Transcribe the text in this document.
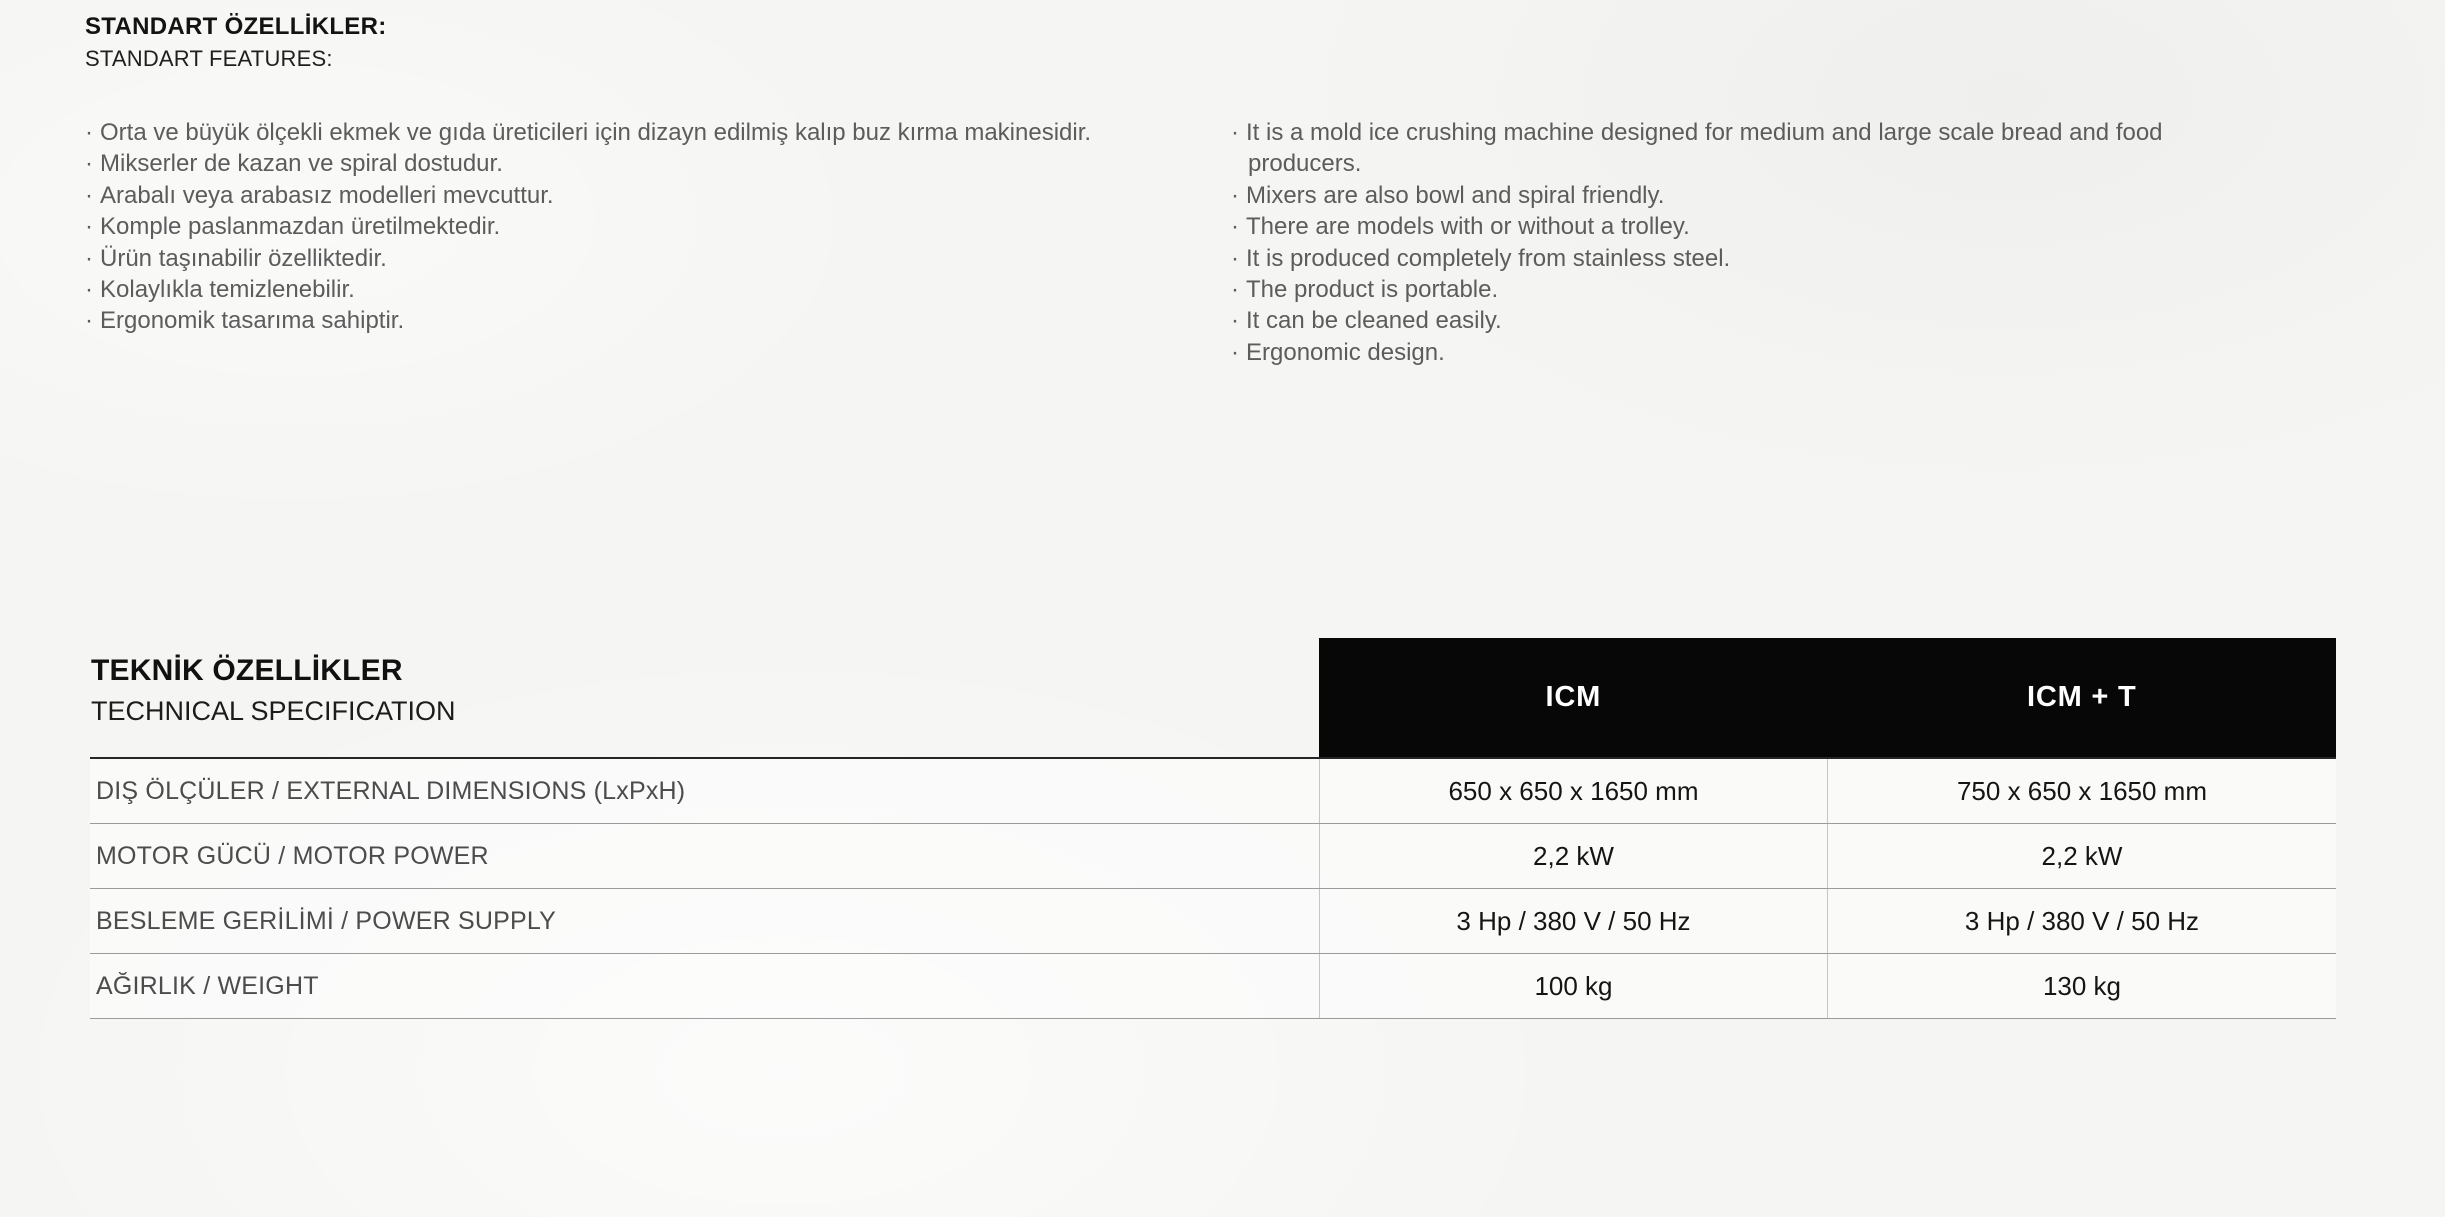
STANDART ÖZELLİKLER:
STANDART FEATURES:
· Orta ve büyük ölçekli ekmek ve gıda üreticileri için dizayn edilmiş kalıp buz kırma makinesidir.
· Mikserler de kazan ve spiral dostudur.
· Arabalı veya arabasız modelleri mevcuttur.
· Komple paslanmazdan üretilmektedir.
· Ürün taşınabilir özelliktedir.
· Kolaylıkla temizlenebilir.
· Ergonomik tasarıma sahiptir.
· It is a mold ice crushing machine designed for medium and large scale bread and food producers.
· Mixers are also bowl and spiral friendly.
· There are models with or without a trolley.
· It is produced completely from stainless steel.
· The product is portable.
· It can be cleaned easily.
· Ergonomic design.
TEKNİK ÖZELLİKLER
TECHNICAL SPECIFICATION	ICM	ICM + T
DIŞ ÖLÇÜLER / EXTERNAL DIMENSIONS (LxPxH)	650 x 650 x 1650 mm	750 x 650 x 1650 mm
MOTOR GÜCÜ / MOTOR POWER	2,2 kW	2,2 kW
BESLEME GERİLİMİ / POWER SUPPLY	3 Hp / 380 V / 50 Hz	3 Hp / 380 V / 50 Hz
AĞIRLIK / WEIGHT	100 kg	130 kg
